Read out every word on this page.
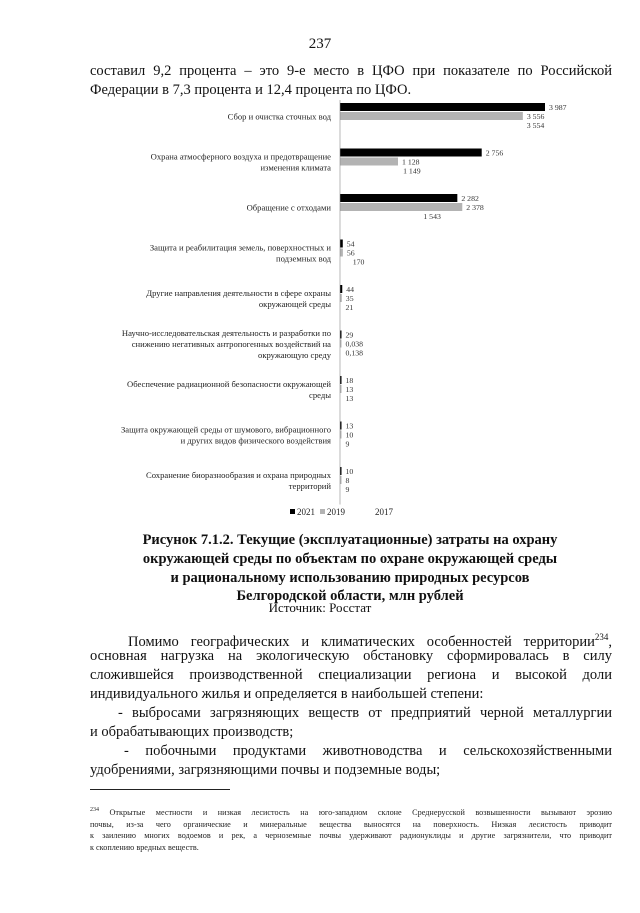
237
составил 9,2 процента – это 9-е место в ЦФО при показателе по Российской
Федерации в 7,3 процента и 12,4 процента по ЦФО.
Сбор и очистка сточных вод
3 987
3 556
3 554
Охрана атмосферного воздуха и предотвращение
изменения климата
2 756
1 128
1 149
Обращение с отходами
2 282
2 378
1 543
Защита и реабилитация земель, поверхностных и
подземных вод
54
56
170
Другие направления деятельности в сфере охраны
окружающей среды
44
35
21
Научно-исследовательская деятельность и разработки по
снижению негативных антропогенных воздействий на
окружающую среду
29
0,038
0,138
Обеспечение радиационной безопасности окружающей
среды
18
13
13
Защита окружающей среды от шумового, вибрационного
и других видов физического воздействия
13
10
9
Сохранение биоразнообразия и охрана природных
территорий
10
8
9
2021 2019	2017
Рисунок 7.1.2. Текущие (эксплуатационные) затраты на охрану
окружающей среды по объектам по охране окружающей среды
и рациональному использованию природных ресурсов
Белгородской области, млн рублей
Источник: Росстат
Помимо географических и климатических особенностей территории$^{234}$,
основная нагрузка на экологическую обстановку сформировалась в силу
сложившейся производственной специализации региона и высокой доли
индивидуального жилья и определяется в наибольшей степени:
- выбросами загрязняющих веществ от предприятий черной металлургии
и обрабатывающих производств;
- побочными продуктами животноводства и сельскохозяйственными
удобрениями, загрязняющими почвы и подземные воды;
$^{234}$ Открытые местности и низкая лесистость на юго-западном склоне Среднерусской возвышенности вызывают эрозию
почвы, из-за чего органические и минеральные вещества выносятся на поверхность. Низкая лесистость приводит
к заилению многих водоемов и рек, а черноземные почвы удерживают радионуклиды и другие загрязнители, что приводит
к скоплению вредных веществ.
